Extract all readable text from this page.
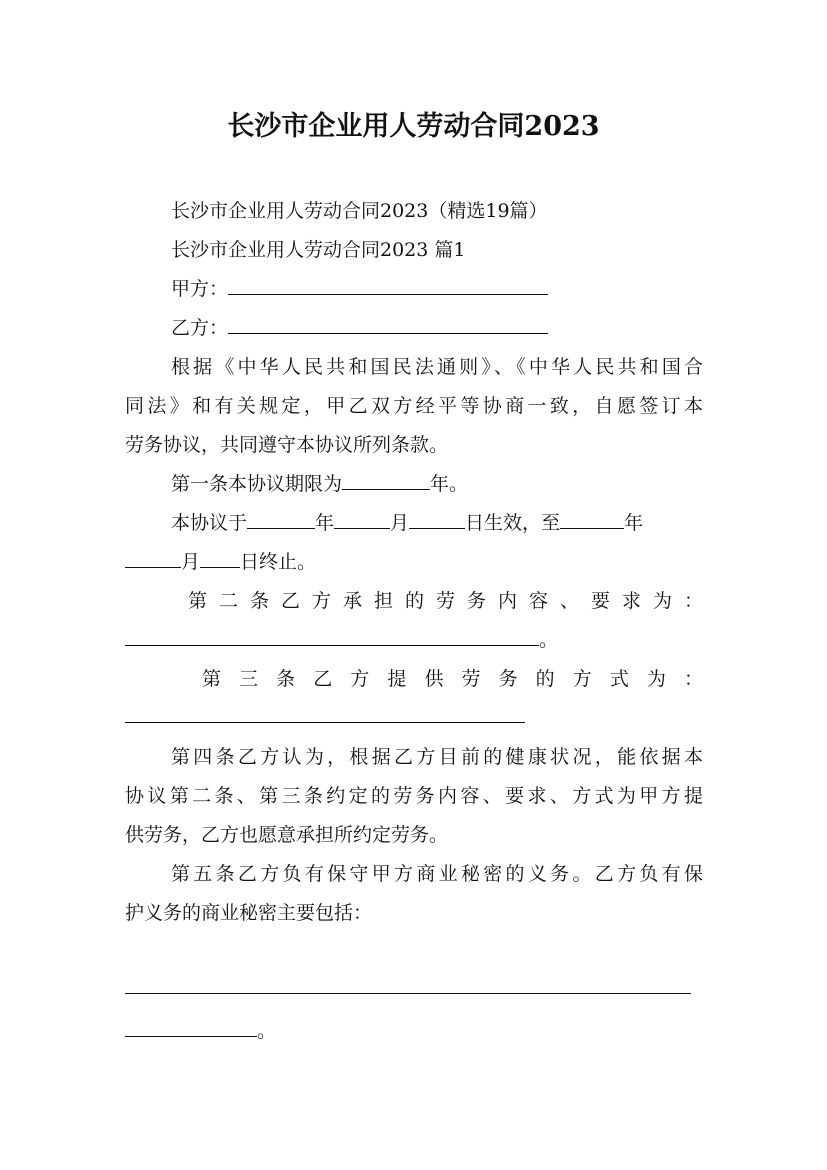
长沙市企业用人劳动合同2023
长沙市企业用人劳动合同2023（精选19篇）
长沙市企业用人劳动合同2023 篇1
甲方：
乙方：
根据《中华人民共和国民法通则》、《中华人民共和国合
同法》和有关规定，甲乙双方经平等协商一致，自愿签订本
劳务协议，共同遵守本协议所列条款。
第一条本协议期限为	年。
本协议于	年	月	日生效，至	年
月 日终止。
第二条乙方承担的劳务内容、要求为：
。
第三条乙方提供劳务的方式为：
第四条乙方认为，根据乙方目前的健康状况，能依据本
协议第二条、第三条约定的劳务内容、要求、方式为甲方提
供劳务，乙方也愿意承担所约定劳务。
第五条乙方负有保守甲方商业秘密的义务。乙方负有保
护义务的商业秘密主要包括：
。
